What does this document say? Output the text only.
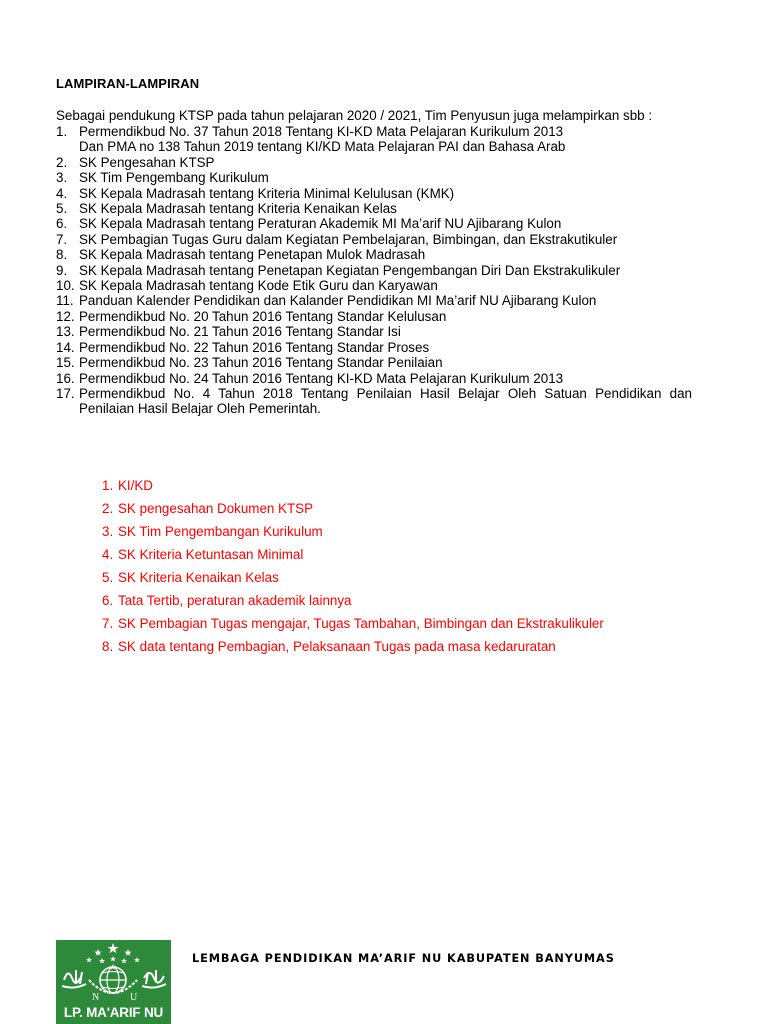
LAMPIRAN-LAMPIRAN
Sebagai pendukung KTSP pada tahun pelajaran 2020 / 2021, Tim Penyusun juga melampirkan sbb :
1. Permendikbud No. 37 Tahun 2018 Tentang KI-KD Mata Pelajaran Kurikulum 2013
Dan PMA no 138 Tahun 2019 tentang KI/KD Mata Pelajaran PAI dan Bahasa Arab
2. SK Pengesahan KTSP
3. SK Tim Pengembang Kurikulum
4. SK Kepala Madrasah tentang Kriteria Minimal Kelulusan (KMK)
5. SK Kepala Madrasah tentang Kriteria Kenaikan Kelas
6. SK Kepala Madrasah tentang Peraturan Akademik MI Ma’arif NU Ajibarang Kulon
7. SK Pembagian Tugas Guru dalam Kegiatan Pembelajaran, Bimbingan, dan Ekstrakutikuler
8. SK Kepala Madrasah tentang Penetapan Mulok Madrasah
9. SK Kepala Madrasah tentang Penetapan Kegiatan Pengembangan Diri Dan Ekstrakulikuler
10. SK Kepala Madrasah tentang Kode Etik Guru dan Karyawan
11. Panduan Kalender Pendidikan dan Kalander Pendidikan MI Ma’arif NU Ajibarang Kulon
12. Permendikbud No. 20 Tahun 2016 Tentang Standar Kelulusan
13. Permendikbud No. 21 Tahun 2016 Tentang Standar Isi
14. Permendikbud No. 22 Tahun 2016 Tentang Standar Proses
15. Permendikbud No. 23 Tahun 2016 Tentang Standar Penilaian
16. Permendikbud No. 24 Tahun 2016 Tentang KI-KD Mata Pelajaran Kurikulum 2013
17. Permendikbud No. 4 Tahun 2018 Tentang Penilaian Hasil Belajar Oleh Satuan Pendidikan dan Penilaian Hasil Belajar Oleh Pemerintah.
1. KI/KD
2. SK pengesahan Dokumen KTSP
3. SK Tim Pengembangan Kurikulum
4. SK Kriteria Ketuntasan Minimal
5. SK Kriteria Kenaikan Kelas
6. Tata Tertib, peraturan akademik lainnya
7. SK Pembagian Tugas mengajar, Tugas Tambahan, Bimbingan dan Ekstrakulikuler
8. SK data tentang Pembagian, Pelaksanaan Tugas pada masa kedaruratan
N	U
LP. MA'ARIF NU
LEMBAGA PENDIDIKAN MA’ARIF NU KABUPATEN BANYUMAS
